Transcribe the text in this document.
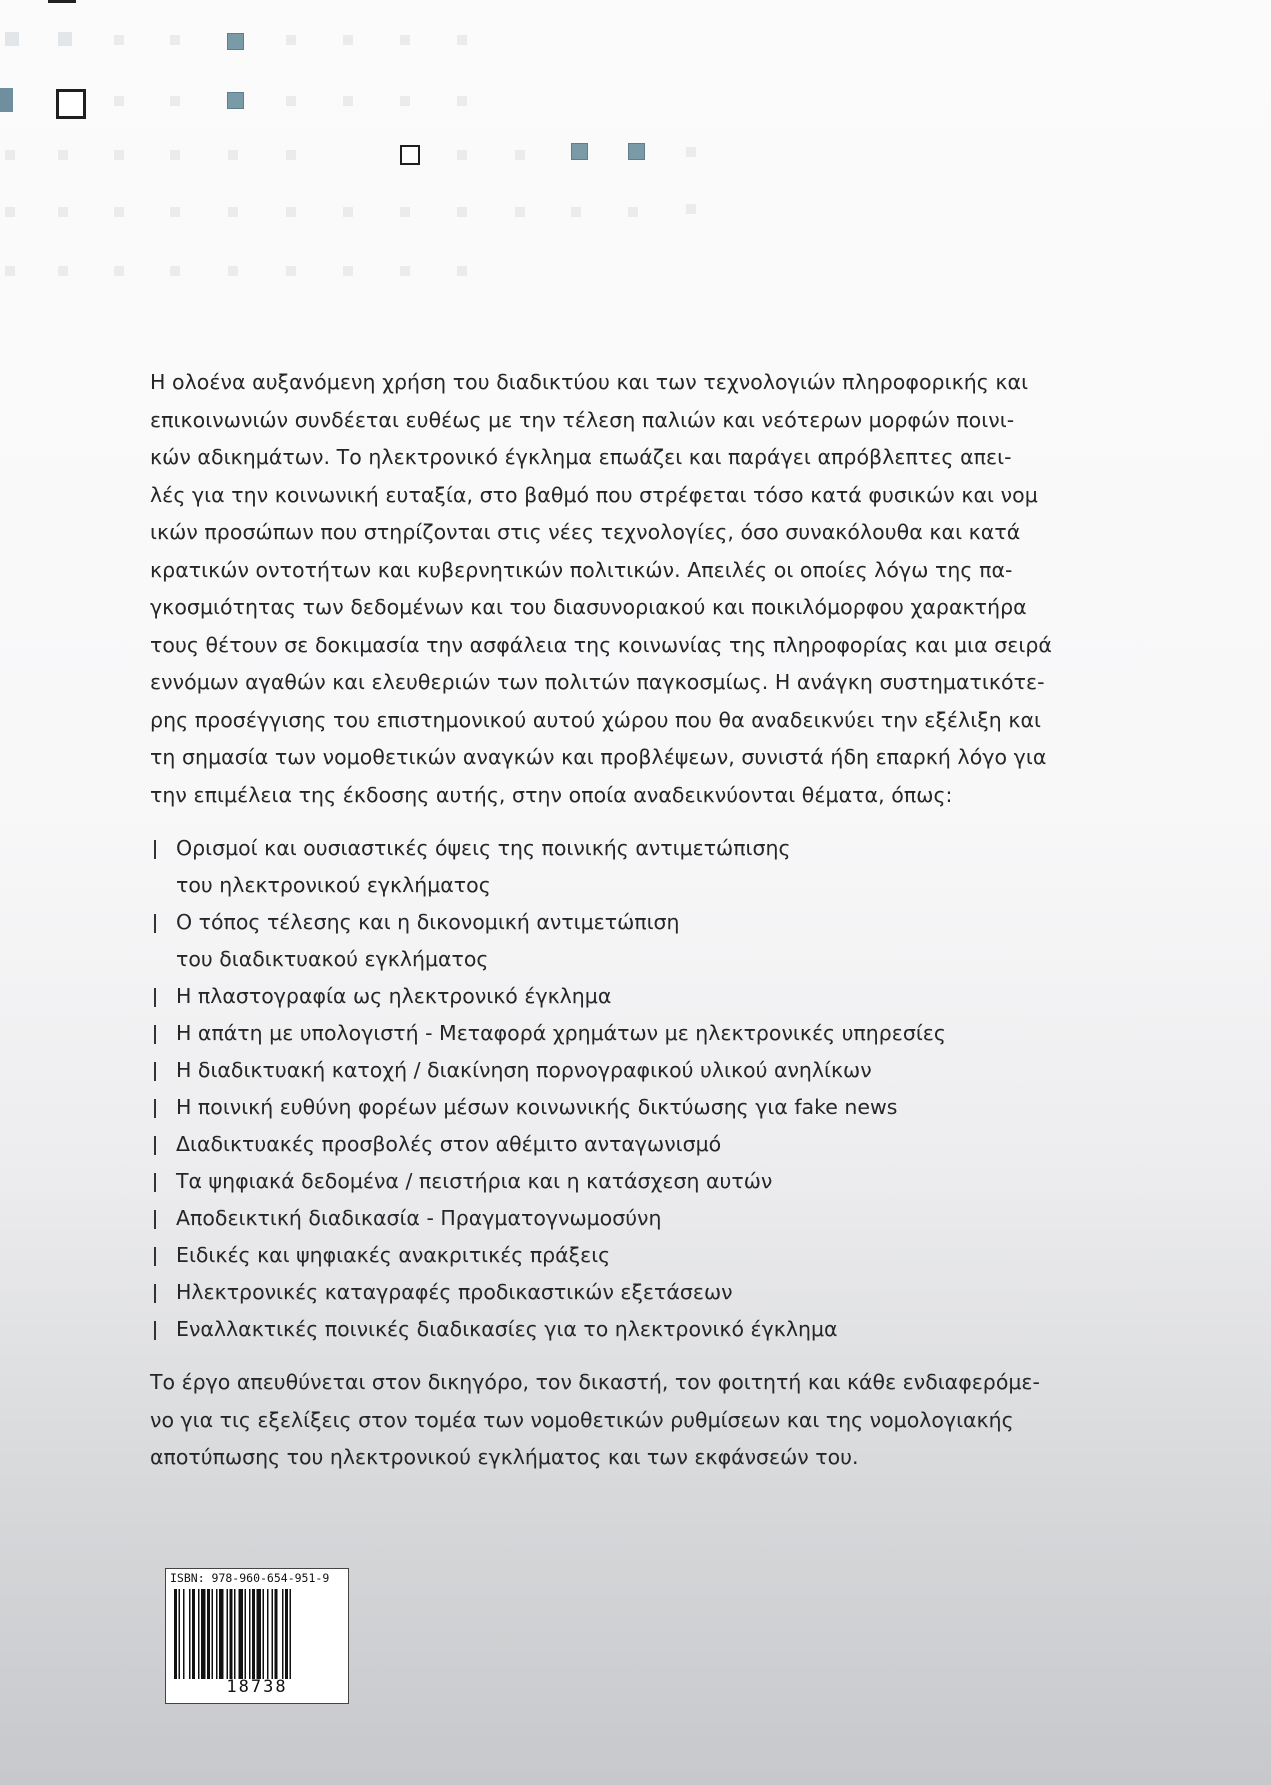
Η ολοένα αυξανόμενη χρήση του διαδικτύου και των τεχνολογιών πληροφορικής και

επικοινωνιών συνδέεται ευθέως με την τέλεση παλιών και νεότερων μορφών ποινι-

κών αδικημάτων. Το ηλεκτρονικό έγκλημα επωάζει και παράγει απρόβλεπτες απει-

λές για την κοινωνική ευταξία, στο βαθμό που στρέφεται τόσο κατά φυσικών και νομ

ικών προσώπων που στηρίζονται στις νέες τεχνολογίες, όσο συνακόλουθα και κατά

κρατικών οντοτήτων και κυβερνητικών πολιτικών. Απειλές οι οποίες λόγω της πα-

γκοσμιότητας των δεδομένων και του διασυνοριακού και ποικιλόμορφου χαρακτήρα

τους θέτουν σε δοκιμασία την ασφάλεια της κοινωνίας της πληροφορίας και μια σειρά

εννόμων αγαθών και ελευθεριών των πολιτών παγκοσμίως. Η ανάγκη συστηματικότε-

ρης προσέγγισης του επιστημονικού αυτού χώρου που θα αναδεικνύει την εξέλιξη και

τη σημασία των νομοθετικών αναγκών και προβλέψεων, συνιστά ήδη επαρκή λόγο για

την επιμέλεια της έκδοσης αυτής, στην οποία αναδεικνύονται θέματα, όπως:

Ορισμοί και ουσιαστικές όψεις της ποινικής αντιμετώπισης
του ηλεκτρονικού εγκλήματος
Ο τόπος τέλεσης και η δικονομική αντιμετώπιση
του διαδικτυακού εγκλήματος
Η πλαστογραφία ως ηλεκτρονικό έγκλημα
Η απάτη με υπολογιστή - Μεταφορά χρημάτων με ηλεκτρονικές υπηρεσίες
Η διαδικτυακή κατοχή / διακίνηση πορνογραφικού υλικού ανηλίκων
Η ποινική ευθύνη φορέων μέσων κοινωνικής δικτύωσης για fake news
Διαδικτυακές προσβολές στον αθέμιτο ανταγωνισμό
Τα ψηφιακά δεδομένα / πειστήρια και η κατάσχεση αυτών
Αποδεικτική διαδικασία - Πραγματογνωμοσύνη
Ειδικές και ψηφιακές ανακριτικές πράξεις
Ηλεκτρονικές καταγραφές προδικαστικών εξετάσεων
Εναλλακτικές ποινικές διαδικασίες για το ηλεκτρονικό έγκλημα

Το έργο απευθύνεται στον δικηγόρο, τον δικαστή, τον φοιτητή και κάθε ενδιαφερόμε-

νο για τις εξελίξεις στον τομέα των νομοθετικών ρυθμίσεων και της νομολογιακής

αποτύπωσης του ηλεκτρονικού εγκλήματος και των εκφάνσεών του.

ISBN: 978-960-654-951-9
18738
